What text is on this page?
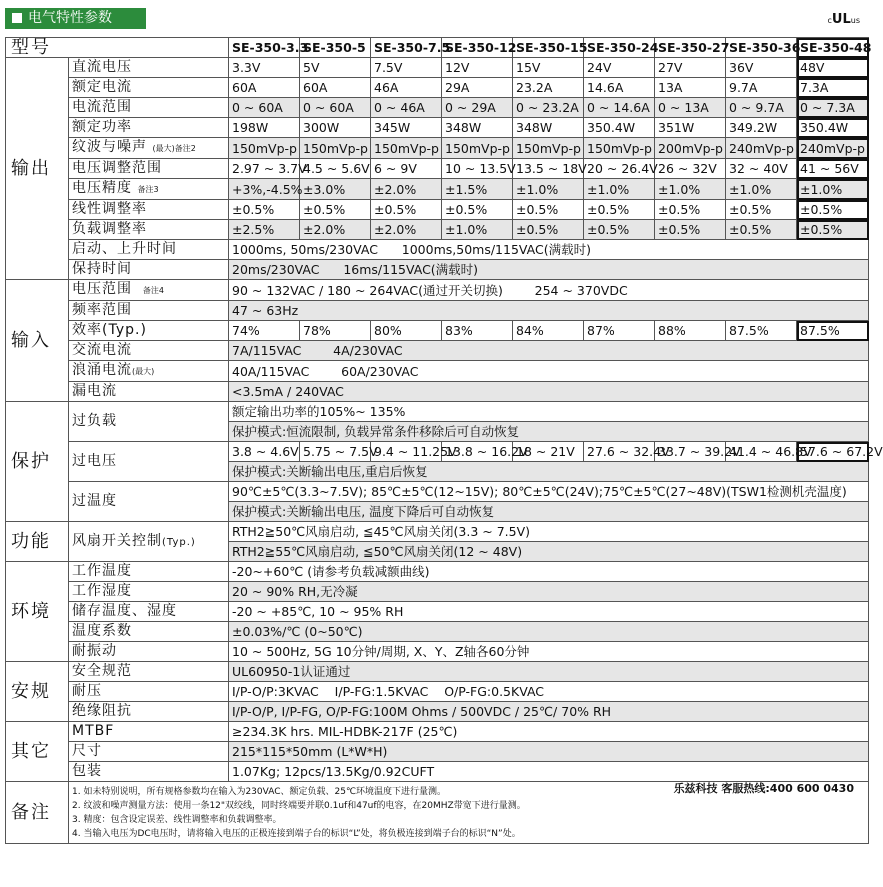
电气特性参数	cULus
型号		SE-350-3.3	SE-350-5	SE-350-7.5	SE-350-12	SE-350-15	SE-350-24	SE-350-27	SE-350-36	SE-350-48
输出	直流电压	3.3V	5V	7.5V	12V	15V	24V	27V	36V	48V
	额定电流	60A	60A	46A	29A	23.2A	14.6A	13A	9.7A	7.3A
	电流范围	0 ~ 60A	0 ~ 60A	0 ~ 46A	0 ~ 29A	0 ~ 23.2A	0 ~ 14.6A	0 ~ 13A	0 ~ 9.7A	0 ~ 7.3A
	额定功率	198W	300W	345W	348W	348W	350.4W	351W	349.2W	350.4W
	纹波与噪声 (最大)备注2	150mVp-p	150mVp-p	150mVp-p	150mVp-p	150mVp-p	150mVp-p	200mVp-p	240mVp-p	240mVp-p
	电压调整范围	2.97 ~ 3.7V	4.5 ~ 5.6V	6 ~ 9V	10 ~ 13.5V	13.5 ~ 18V	20 ~ 26.4V	26 ~ 32V	32 ~ 40V	41 ~ 56V
	电压精度 备注3	+3%,-4.5%	±3.0%	±2.0%	±1.5%	±1.0%	±1.0%	±1.0%	±1.0%	±1.0%
	线性调整率	±0.5%	±0.5%	±0.5%	±0.5%	±0.5%	±0.5%	±0.5%	±0.5%	±0.5%
	负载调整率	±2.5%	±2.0%	±2.0%	±1.0%	±0.5%	±0.5%	±0.5%	±0.5%	±0.5%
	启动、上升时间	1000ms, 50ms/230VAC      1000ms,50ms/115VAC(满载时)								
	保持时间	20ms/230VAC      16ms/115VAC(满载时)								
输入	电压范围 备注4	90 ~ 132VAC / 180 ~ 264VAC(通过开关切换)        254 ~ 370VDC								
	频率范围	47 ~ 63Hz								
	效率(Typ.)	74%	78%	80%	83%	84%	87%	88%	87.5%	87.5%
	交流电流	7A/115VAC        4A/230VAC								
	浪涌电流(最大)	40A/115VAC        60A/230VAC								
	漏电流	<3.5mA / 240VAC								
保护	过负载	额定输出功率的105%~ 135%								
		保护模式:恒流限制, 负载异常条件移除后可自动恢复								
	过电压	3.8 ~ 4.6V	5.75 ~ 7.5V	9.4 ~ 11.25V	13.8 ~ 16.2V	18 ~ 21V	27.6 ~ 32.4V	33.7 ~ 39.2V	41.4 ~ 46.8V	57.6 ~ 67.2V
		保护模式:关断输出电压,重启后恢复								
	过温度	90℃±5℃(3.3~7.5V); 85℃±5℃(12~15V); 80℃±5℃(24V);75℃±5℃(27~48V)(TSW1检测机壳温度)								
		保护模式:关断输出电压, 温度下降后可自动恢复								
功能	风扇开关控制(Typ.)	RTH2≧50℃风扇启动, ≦45℃风扇关闭(3.3 ~ 7.5V)								
		RTH2≧55℃风扇启动, ≦50℃风扇关闭(12 ~ 48V)								
环境	工作温度	-20~+60℃ (请参考负载减额曲线)								
	工作湿度	20 ~ 90% RH,无冷凝								
	储存温度、湿度	-20 ~ +85℃, 10 ~ 95% RH								
	温度系数	±0.03%/℃ (0~50℃)								
	耐振动	10 ~ 500Hz, 5G 10分钟/周期, X、Y、Z轴各60分钟								
安规	安全规范	UL60950-1认证通过								
	耐压	I/P-O/P:3KVAC    I/P-FG:1.5KVAC    O/P-FG:0.5KVAC								
	绝缘阻抗	I/P-O/P, I/P-FG, O/P-FG:100M Ohms / 500VDC / 25℃/ 70% RH								
其它	MTBF	≥234.3K hrs. MIL-HDBK-217F (25℃)								
	尺寸	215*115*50mm (L*W*H)								
	包装	1.07Kg; 12pcs/13.5Kg/0.92CUFT								
备注	乐兹科技 客服热线:400 600 0430
1. 如未特别说明，所有规格参数均在输入为230VAC、额定负载、25℃环境温度下进行量测。
2. 纹波和噪声测量方法：使用一条12"双绞线，同时终端要并联0.1uf和47uf的电容，在20MHZ带宽下进行量测。
3. 精度：包含设定误差、线性调整率和负载调整率。
4. 当输入电压为DC电压时，请将输入电压的正极连接到端子台的标识“L”处，将负极连接到端子台的标识“N”处。									
